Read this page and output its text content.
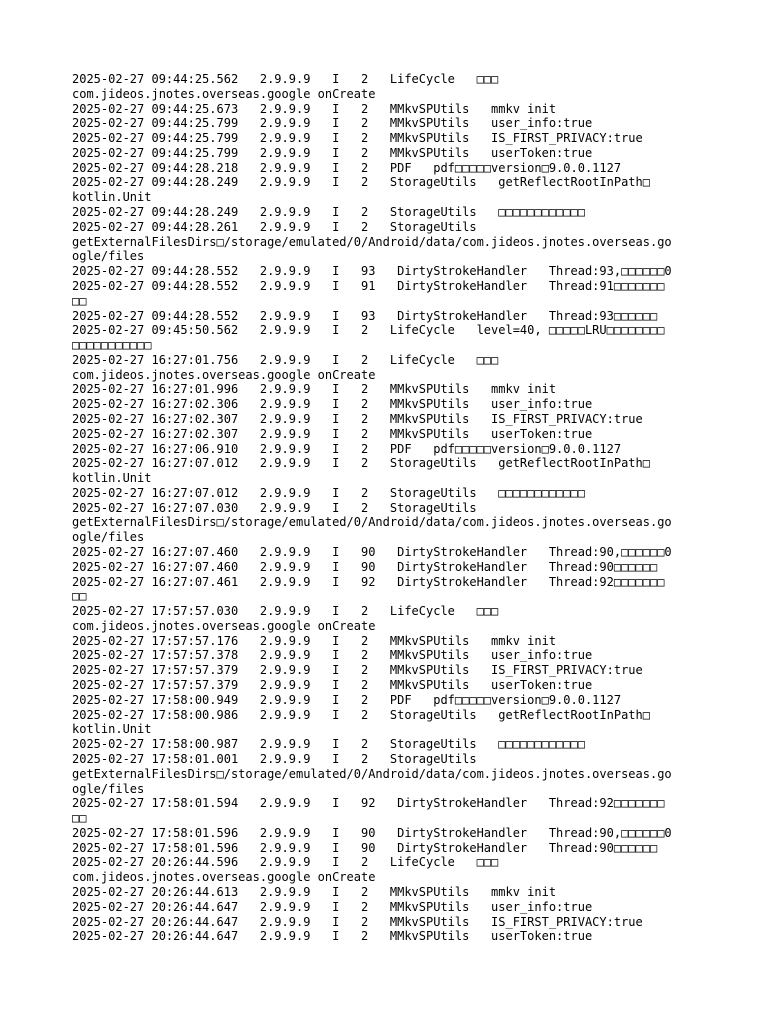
2025-02-27 09:44:25.562   2.9.9.9   I   2   LifeCycle   □□□
com.jideos.jnotes.overseas.google onCreate
2025-02-27 09:44:25.673   2.9.9.9   I   2   MMkvSPUtils   mmkv init
2025-02-27 09:44:25.799   2.9.9.9   I   2   MMkvSPUtils   user_info:true
2025-02-27 09:44:25.799   2.9.9.9   I   2   MMkvSPUtils   IS_FIRST_PRIVACY:true
2025-02-27 09:44:25.799   2.9.9.9   I   2   MMkvSPUtils   userToken:true
2025-02-27 09:44:28.218   2.9.9.9   I   2   PDF   pdf□□□□□version□9.0.0.1127
2025-02-27 09:44:28.249   2.9.9.9   I   2   StorageUtils   getReflectRootInPath□
kotlin.Unit
2025-02-27 09:44:28.249   2.9.9.9   I   2   StorageUtils   □□□□□□□□□□□□
2025-02-27 09:44:28.261   2.9.9.9   I   2   StorageUtils
getExternalFilesDirs□/storage/emulated/0/Android/data/com.jideos.jnotes.overseas.go
ogle/files
2025-02-27 09:44:28.552   2.9.9.9   I   93   DirtyStrokeHandler   Thread:93,□□□□□□0
2025-02-27 09:44:28.552   2.9.9.9   I   91   DirtyStrokeHandler   Thread:91□□□□□□□
□□
2025-02-27 09:44:28.552   2.9.9.9   I   93   DirtyStrokeHandler   Thread:93□□□□□□
2025-02-27 09:45:50.562   2.9.9.9   I   2   LifeCycle   level=40, □□□□□LRU□□□□□□□□
□□□□□□□□□□□
2025-02-27 16:27:01.756   2.9.9.9   I   2   LifeCycle   □□□
com.jideos.jnotes.overseas.google onCreate
2025-02-27 16:27:01.996   2.9.9.9   I   2   MMkvSPUtils   mmkv init
2025-02-27 16:27:02.306   2.9.9.9   I   2   MMkvSPUtils   user_info:true
2025-02-27 16:27:02.307   2.9.9.9   I   2   MMkvSPUtils   IS_FIRST_PRIVACY:true
2025-02-27 16:27:02.307   2.9.9.9   I   2   MMkvSPUtils   userToken:true
2025-02-27 16:27:06.910   2.9.9.9   I   2   PDF   pdf□□□□□version□9.0.0.1127
2025-02-27 16:27:07.012   2.9.9.9   I   2   StorageUtils   getReflectRootInPath□
kotlin.Unit
2025-02-27 16:27:07.012   2.9.9.9   I   2   StorageUtils   □□□□□□□□□□□□
2025-02-27 16:27:07.030   2.9.9.9   I   2   StorageUtils
getExternalFilesDirs□/storage/emulated/0/Android/data/com.jideos.jnotes.overseas.go
ogle/files
2025-02-27 16:27:07.460   2.9.9.9   I   90   DirtyStrokeHandler   Thread:90,□□□□□□0
2025-02-27 16:27:07.460   2.9.9.9   I   90   DirtyStrokeHandler   Thread:90□□□□□□
2025-02-27 16:27:07.461   2.9.9.9   I   92   DirtyStrokeHandler   Thread:92□□□□□□□
□□
2025-02-27 17:57:57.030   2.9.9.9   I   2   LifeCycle   □□□
com.jideos.jnotes.overseas.google onCreate
2025-02-27 17:57:57.176   2.9.9.9   I   2   MMkvSPUtils   mmkv init
2025-02-27 17:57:57.378   2.9.9.9   I   2   MMkvSPUtils   user_info:true
2025-02-27 17:57:57.379   2.9.9.9   I   2   MMkvSPUtils   IS_FIRST_PRIVACY:true
2025-02-27 17:57:57.379   2.9.9.9   I   2   MMkvSPUtils   userToken:true
2025-02-27 17:58:00.949   2.9.9.9   I   2   PDF   pdf□□□□□version□9.0.0.1127
2025-02-27 17:58:00.986   2.9.9.9   I   2   StorageUtils   getReflectRootInPath□
kotlin.Unit
2025-02-27 17:58:00.987   2.9.9.9   I   2   StorageUtils   □□□□□□□□□□□□
2025-02-27 17:58:01.001   2.9.9.9   I   2   StorageUtils
getExternalFilesDirs□/storage/emulated/0/Android/data/com.jideos.jnotes.overseas.go
ogle/files
2025-02-27 17:58:01.594   2.9.9.9   I   92   DirtyStrokeHandler   Thread:92□□□□□□□
□□
2025-02-27 17:58:01.596   2.9.9.9   I   90   DirtyStrokeHandler   Thread:90,□□□□□□0
2025-02-27 17:58:01.596   2.9.9.9   I   90   DirtyStrokeHandler   Thread:90□□□□□□
2025-02-27 20:26:44.596   2.9.9.9   I   2   LifeCycle   □□□
com.jideos.jnotes.overseas.google onCreate
2025-02-27 20:26:44.613   2.9.9.9   I   2   MMkvSPUtils   mmkv init
2025-02-27 20:26:44.647   2.9.9.9   I   2   MMkvSPUtils   user_info:true
2025-02-27 20:26:44.647   2.9.9.9   I   2   MMkvSPUtils   IS_FIRST_PRIVACY:true
2025-02-27 20:26:44.647   2.9.9.9   I   2   MMkvSPUtils   userToken:true
